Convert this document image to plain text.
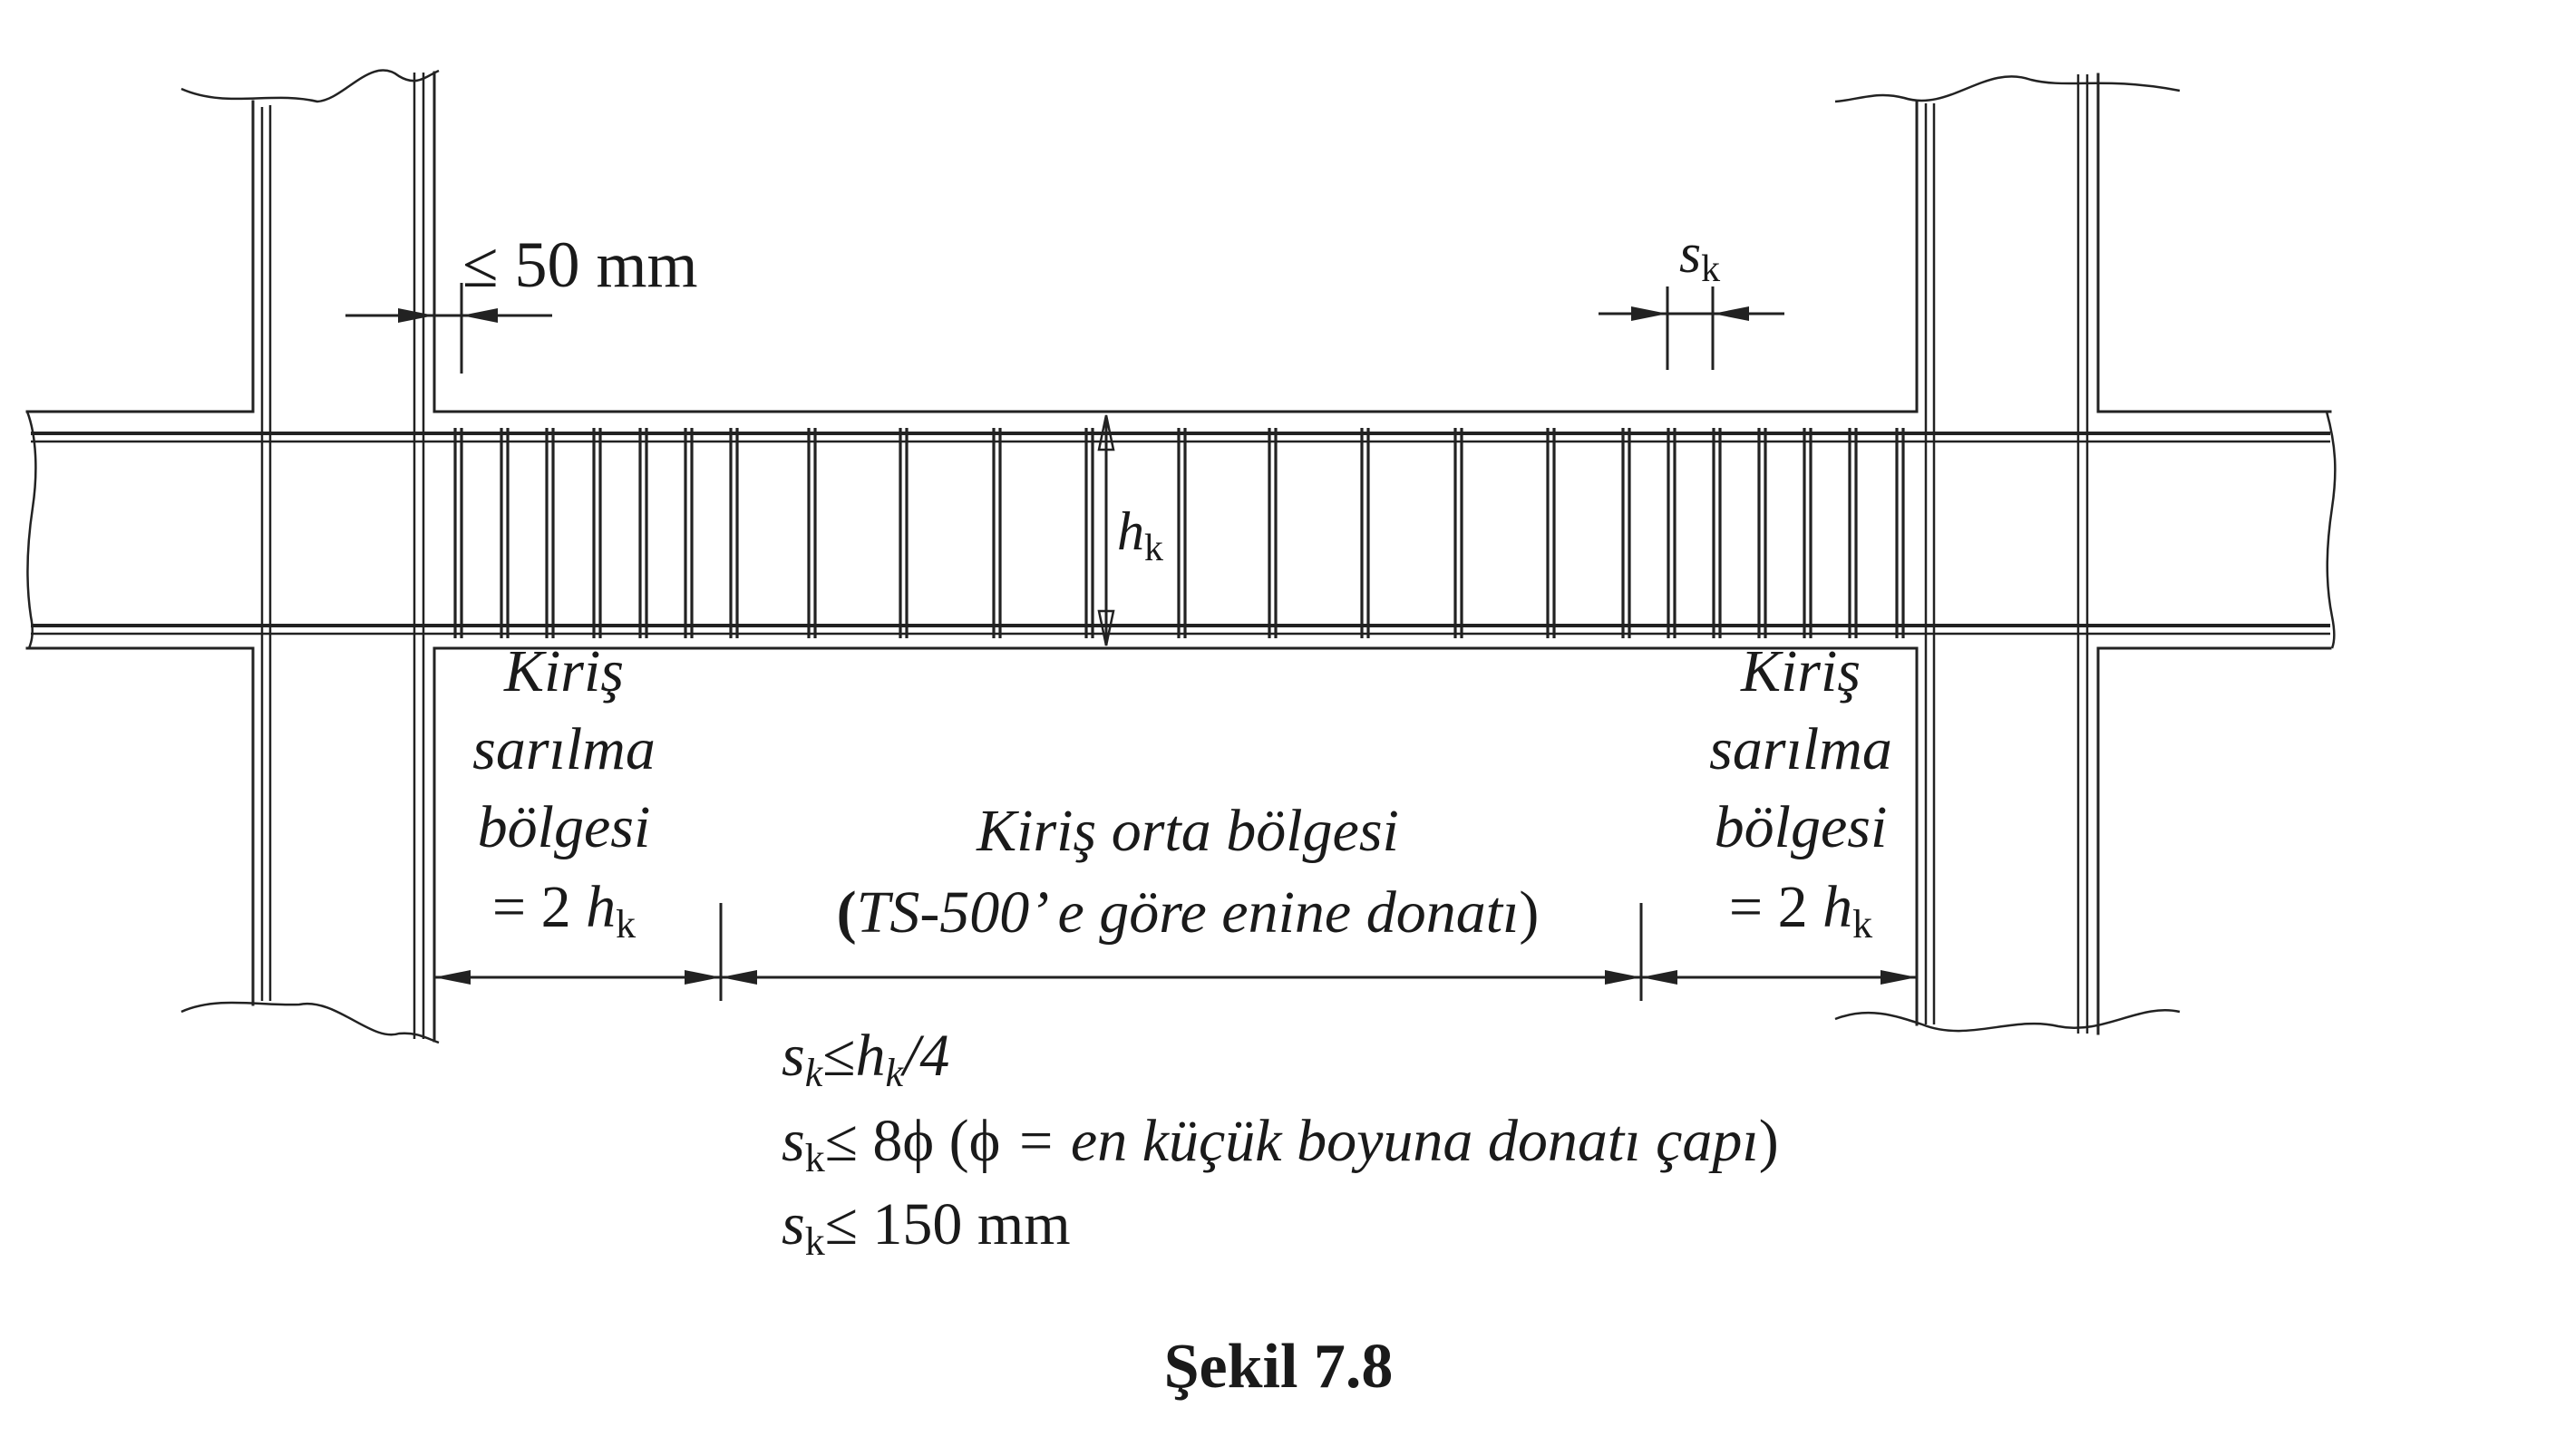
$h_k$
≤ 50 mm	sk
Kiriş
sarılma
bölgesi
= 2 hk
Kiriş
sarılma
bölgesi
= 2 hk
Kiriş orta bölgesi
(TS-500’ e göre enine donatı)
sk≤hk/4
sk≤ 8ϕ (ϕ = en küçük boyuna donatı çapı)
sk≤ 150 mm
Şekil 7.8
